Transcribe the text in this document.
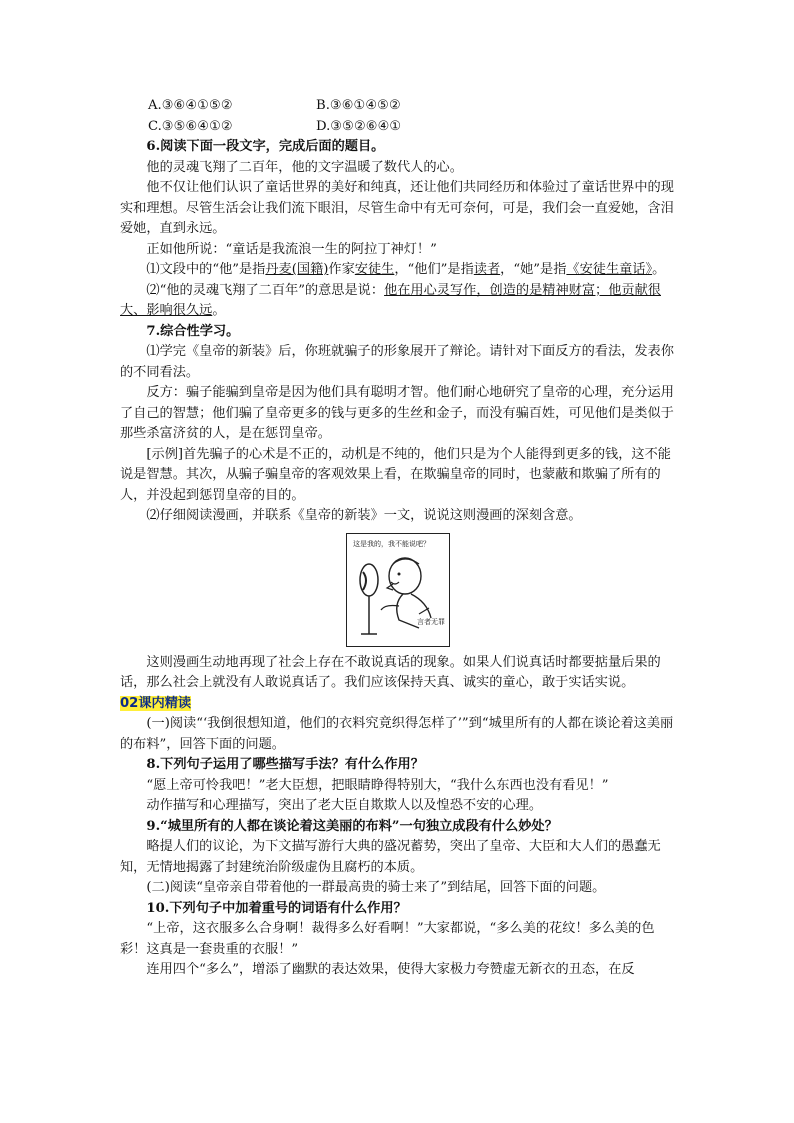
A.③⑥④①⑤②	B.③⑥①④⑤②
C.③⑤⑥④①②	D.③⑤②⑥④①

6.阅读下面一段文字，完成后面的题目。

他的灵魂飞翔了二百年，他的文字温暖了数代人的心。

他不仅让他们认识了童话世界的美好和纯真，还让他们共同经历和体验过了童话世界中的现实和理想。尽管生活会让我们流下眼泪，尽管生命中有无可奈何，可是，我们会一直爱她，含泪爱她，直到永远。

正如他所说：“童话是我流浪一生的阿拉丁神灯！”

⑴文段中的“他”是指丹麦(国籍)作家安徒生，“他们”是指读者，“她”是指《安徒生童话》。

⑵“他的灵魂飞翔了二百年”的意思是说：他在用心灵写作，创造的是精神财富；他贡献很大、影响很久远。

7.综合性学习。

⑴学完《皇帝的新装》后，你班就骗子的形象展开了辩论。请针对下面反方的看法，发表你的不同看法。

反方：骗子能骗到皇帝是因为他们具有聪明才智。他们耐心地研究了皇帝的心理，充分运用了自己的智慧；他们骗了皇帝更多的钱与更多的生丝和金子，而没有骗百姓，可见他们是类似于那些杀富济贫的人，是在惩罚皇帝。

[示例]首先骗子的心术是不正的，动机是不纯的，他们只是为个人能得到更多的钱，这不能说是智慧。其次，从骗子骗皇帝的客观效果上看，在欺骗皇帝的同时，也蒙蔽和欺骗了所有的人，并没起到惩罚皇帝的目的。

⑵仔细阅读漫画，并联系《皇帝的新装》一文，说说这则漫画的深刻含意。

这是我的，我不能说吧？
言者无罪

这则漫画生动地再现了社会上存在不敢说真话的现象。如果人们说真话时都要掂量后果的话，那么社会上就没有人敢说真话了。我们应该保持天真、诚实的童心，敢于实话实说。

02课内精读

(一)阅读“‘我倒很想知道，他们的衣料究竟织得怎样了’”到“城里所有的人都在谈论着这美丽的布料”，回答下面的问题。

8.下列句子运用了哪些描写手法？有什么作用？

“愿上帝可怜我吧！”老大臣想，把眼睛睁得特别大，“我什么东西也没有看见！”

动作描写和心理描写，突出了老大臣自欺欺人以及惶恐不安的心理。

9.“城里所有的人都在谈论着这美丽的布料”一句独立成段有什么妙处？

略提人们的议论，为下文描写游行大典的盛况蓄势，突出了皇帝、大臣和大人们的愚蠢无知，无情地揭露了封建统治阶级虚伪且腐朽的本质。

(二)阅读“皇帝亲自带着他的一群最高贵的骑士来了”到结尾，回答下面的问题。

10.下列句子中加着重号的词语有什么作用？

“上帝，这衣服多么合身啊！裁得多么好看啊！”大家都说，“多么美的花纹！多么美的色彩！这真是一套贵重的衣服！”

连用四个“多么”，增添了幽默的表达效果，使得大家极力夸赞虚无新衣的丑态，在反
